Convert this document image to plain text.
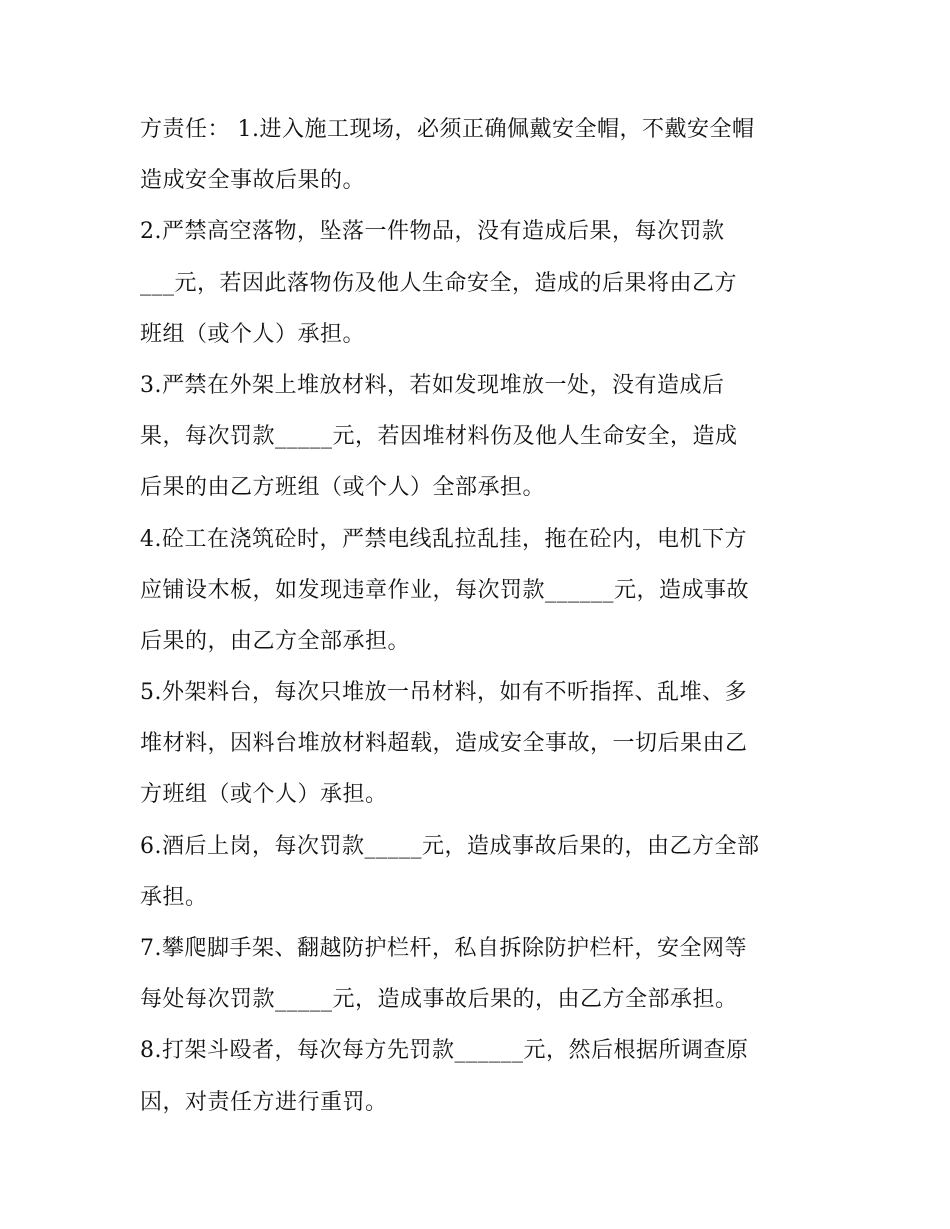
方责任： 1.进入施工现场，必须正确佩戴安全帽，不戴安全帽
造成安全事故后果的。
2.严禁高空落物，坠落一件物品，没有造成后果，每次罚款
___元，若因此落物伤及他人生命安全，造成的后果将由乙方
班组（或个人）承担。
3.严禁在外架上堆放材料，若如发现堆放一处，没有造成后
果，每次罚款_____元，若因堆材料伤及他人生命安全，造成
后果的由乙方班组（或个人）全部承担。
4.砼工在浇筑砼时，严禁电线乱拉乱挂，拖在砼内，电机下方
应铺设木板，如发现违章作业，每次罚款______元，造成事故
后果的，由乙方全部承担。
5.外架料台，每次只堆放一吊材料，如有不听指挥、乱堆、多
堆材料，因料台堆放材料超载，造成安全事故，一切后果由乙
方班组（或个人）承担。
6.酒后上岗，每次罚款_____元，造成事故后果的，由乙方全部
承担。
7.攀爬脚手架、翻越防护栏杆，私自拆除防护栏杆，安全网等
每处每次罚款_____元，造成事故后果的，由乙方全部承担。
8.打架斗殴者，每次每方先罚款______元，然后根据所调查原
因，对责任方进行重罚。
